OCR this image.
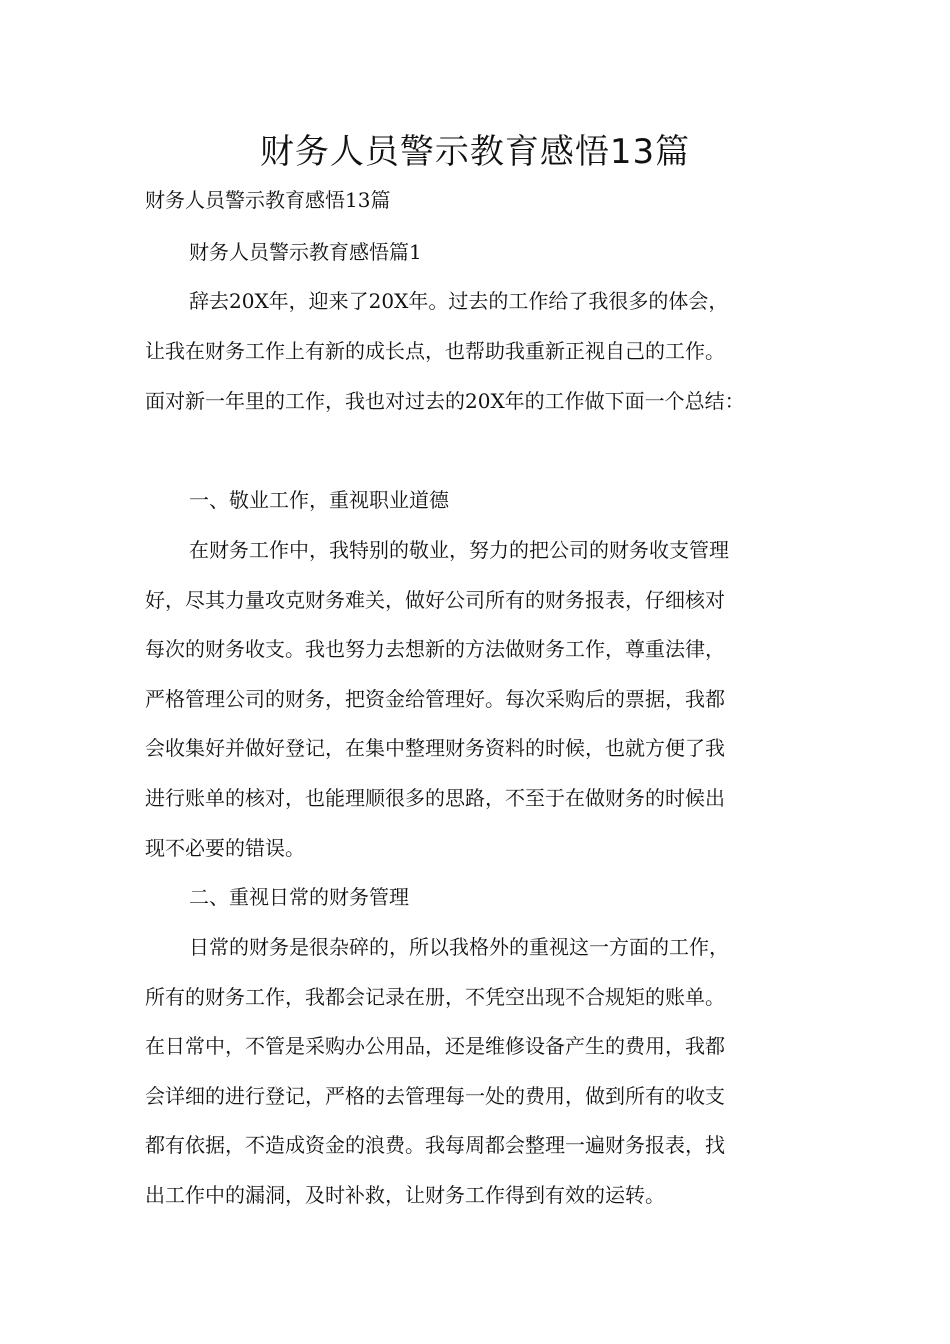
财务人员警示教育感悟13篇
财务人员警示教育感悟13篇
财务人员警示教育感悟篇1
辞去20X年，迎来了20X年。过去的工作给了我很多的体会，
让我在财务工作上有新的成长点，也帮助我重新正视自己的工作。
面对新一年里的工作，我也对过去的20X年的工作做下面一个总结：
一、敬业工作，重视职业道德
在财务工作中，我特别的敬业，努力的把公司的财务收支管理
好，尽其力量攻克财务难关，做好公司所有的财务报表，仔细核对
每次的财务收支。我也努力去想新的方法做财务工作，尊重法律，
严格管理公司的财务，把资金给管理好。每次采购后的票据，我都
会收集好并做好登记，在集中整理财务资料的时候，也就方便了我
进行账单的核对，也能理顺很多的思路，不至于在做财务的时候出
现不必要的错误。
二、重视日常的财务管理
日常的财务是很杂碎的，所以我格外的重视这一方面的工作，
所有的财务工作，我都会记录在册，不凭空出现不合规矩的账单。
在日常中，不管是采购办公用品，还是维修设备产生的费用，我都
会详细的进行登记，严格的去管理每一处的费用，做到所有的收支
都有依据，不造成资金的浪费。我每周都会整理一遍财务报表，找
出工作中的漏洞，及时补救，让财务工作得到有效的运转。
